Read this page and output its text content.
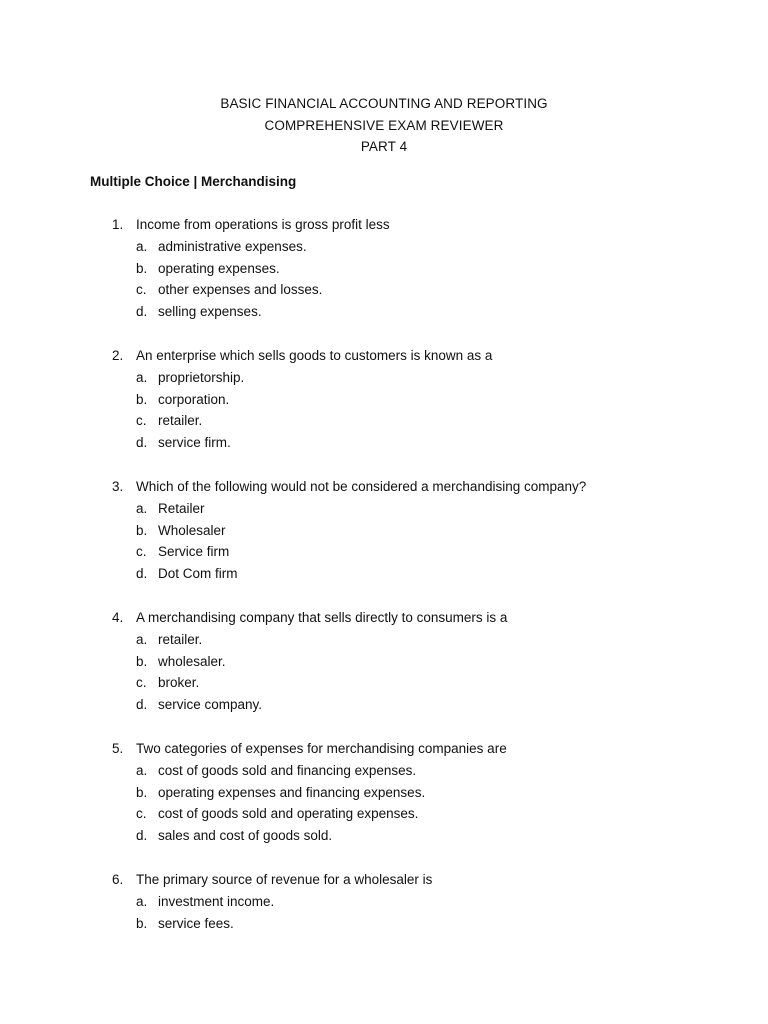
BASIC FINANCIAL ACCOUNTING AND REPORTING
COMPREHENSIVE EXAM REVIEWER
PART 4
Multiple Choice | Merchandising
1. Income from operations is gross profit less
a. administrative expenses.
b. operating expenses.
c. other expenses and losses.
d. selling expenses.
2. An enterprise which sells goods to customers is known as a
a. proprietorship.
b. corporation.
c. retailer.
d. service firm.
3. Which of the following would not be considered a merchandising company?
a. Retailer
b. Wholesaler
c. Service firm
d. Dot Com firm
4. A merchandising company that sells directly to consumers is a
a. retailer.
b. wholesaler.
c. broker.
d. service company.
5. Two categories of expenses for merchandising companies are
a. cost of goods sold and financing expenses.
b. operating expenses and financing expenses.
c. cost of goods sold and operating expenses.
d. sales and cost of goods sold.
6. The primary source of revenue for a wholesaler is
a. investment income.
b. service fees.
